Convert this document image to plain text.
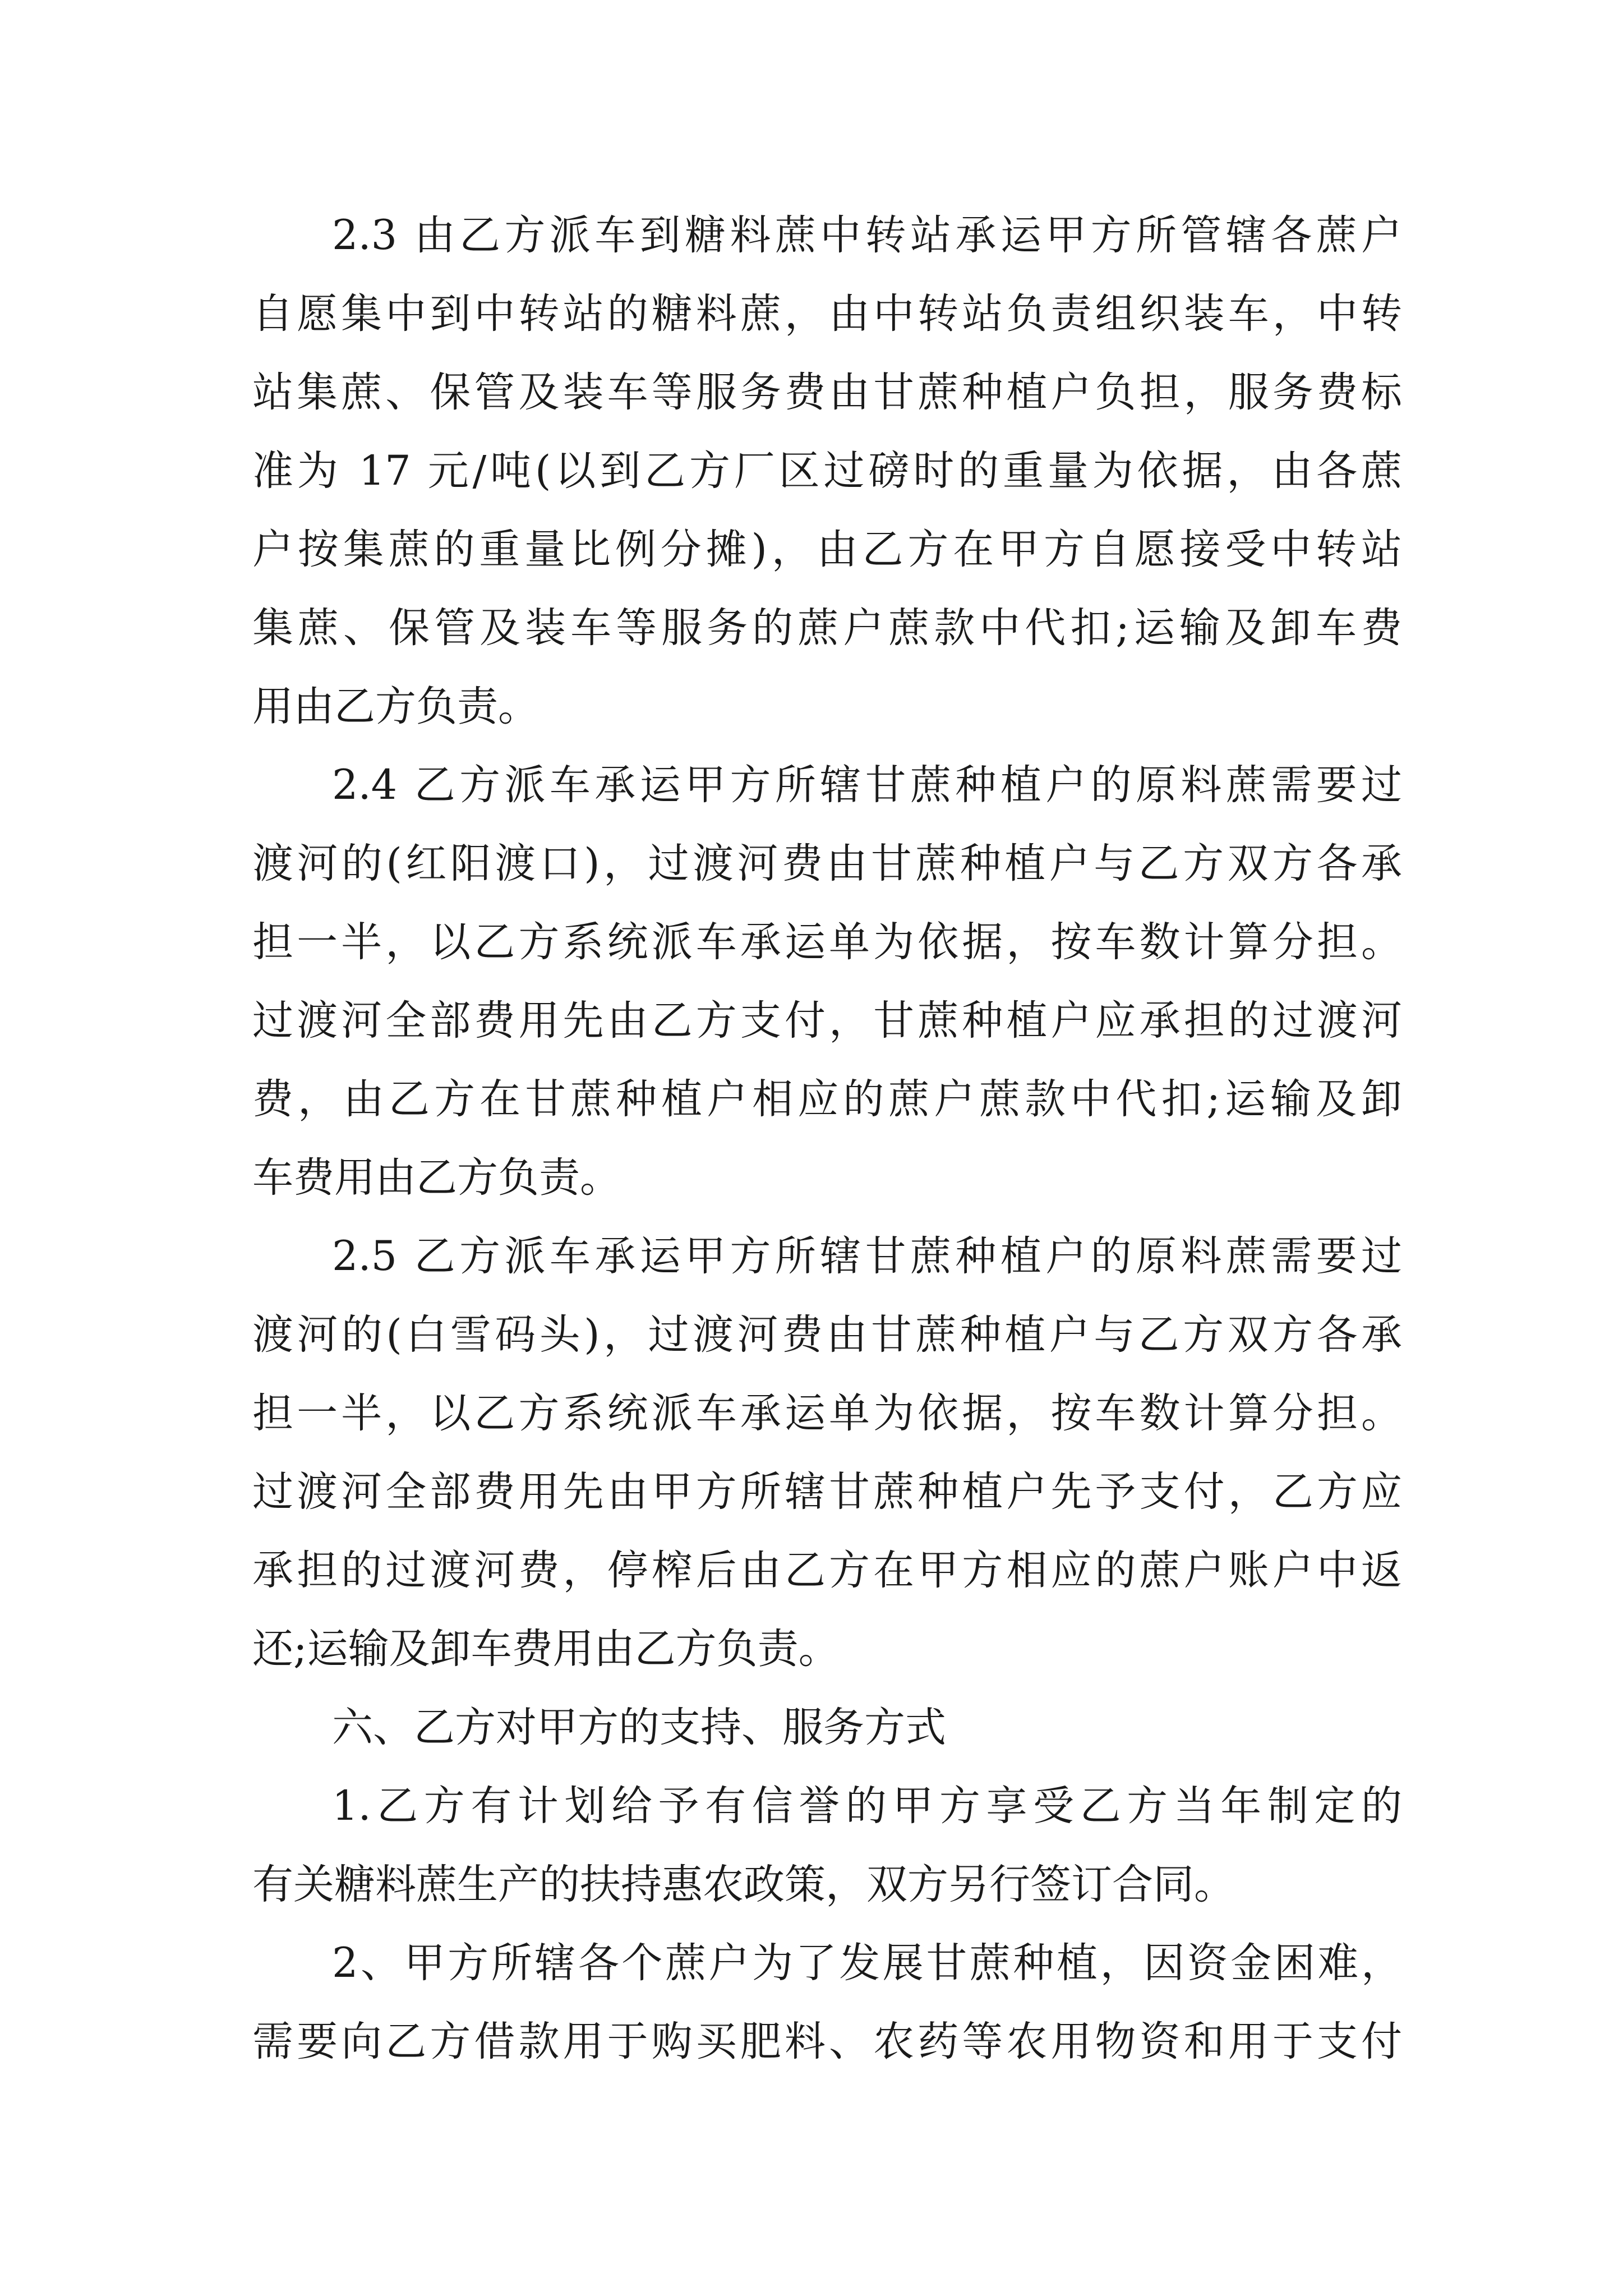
2.3 由乙方派车到糖料蔗中转站承运甲方所管辖各蔗户

自愿集中到中转站的糖料蔗，由中转站负责组织装车，中转

站集蔗、保管及装车等服务费由甘蔗种植户负担，服务费标

准为 17 元/吨(以到乙方厂区过磅时的重量为依据，由各蔗

户按集蔗的重量比例分摊)，由乙方在甲方自愿接受中转站

集蔗、保管及装车等服务的蔗户蔗款中代扣;运输及卸车费

用由乙方负责。

2.4 乙方派车承运甲方所辖甘蔗种植户的原料蔗需要过

渡河的(红阳渡口)，过渡河费由甘蔗种植户与乙方双方各承

担一半，以乙方系统派车承运单为依据，按车数计算分担。

过渡河全部费用先由乙方支付，甘蔗种植户应承担的过渡河

费，由乙方在甘蔗种植户相应的蔗户蔗款中代扣;运输及卸

车费用由乙方负责。

2.5 乙方派车承运甲方所辖甘蔗种植户的原料蔗需要过

渡河的(白雪码头)，过渡河费由甘蔗种植户与乙方双方各承

担一半，以乙方系统派车承运单为依据，按车数计算分担。

过渡河全部费用先由甲方所辖甘蔗种植户先予支付，乙方应

承担的过渡河费，停榨后由乙方在甲方相应的蔗户账户中返

还;运输及卸车费用由乙方负责。

六、乙方对甲方的支持、服务方式

1.乙方有计划给予有信誉的甲方享受乙方当年制定的

有关糖料蔗生产的扶持惠农政策，双方另行签订合同。

2、甲方所辖各个蔗户为了发展甘蔗种植，因资金困难，

需要向乙方借款用于购买肥料、农药等农用物资和用于支付
